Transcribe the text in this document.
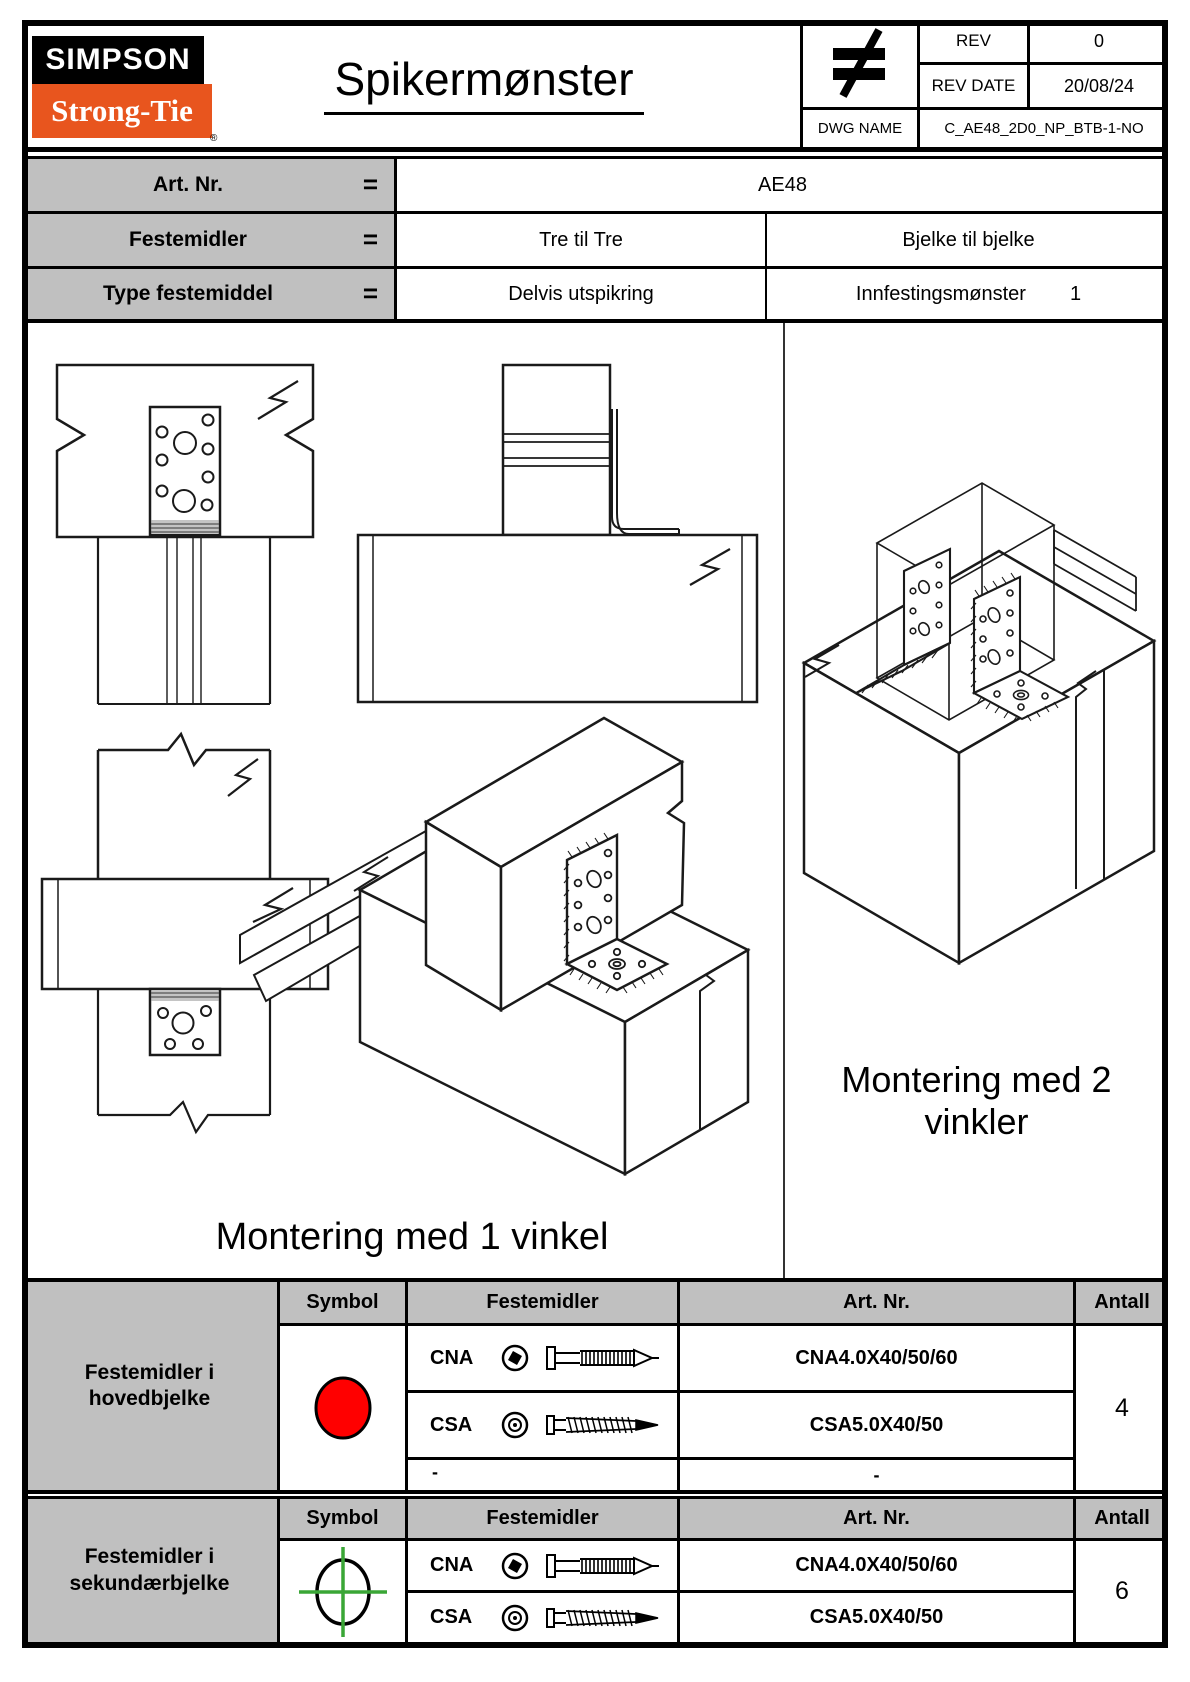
SIMPSON
Strong-Tie
®
Spikermønster
REV	0
REV DATE	20/08/24
DWG NAME	C_AE48_2D0_NP_BTB-1-NO
Art. Nr.	=	AE48
Festemidler	=	Tre til Tre	Bjelke til bjelke
Type festemiddel	=	Delvis utspikring	Innfestingsmønster 1
Montering med 1 vinkel
Montering med 2
vinkler
Festemidler i hovedbjelke
Symbol	Festemidler	Art. Nr.	Antall
CNA	CNA4.0X40/50/60
CSA	CSA5.0X40/50
-	-
4
Festemidler i sekundærbjelke
Symbol	Festemidler	Art. Nr.	Antall
CNA	CNA4.0X40/50/60
CSA	CSA5.0X40/50
6
